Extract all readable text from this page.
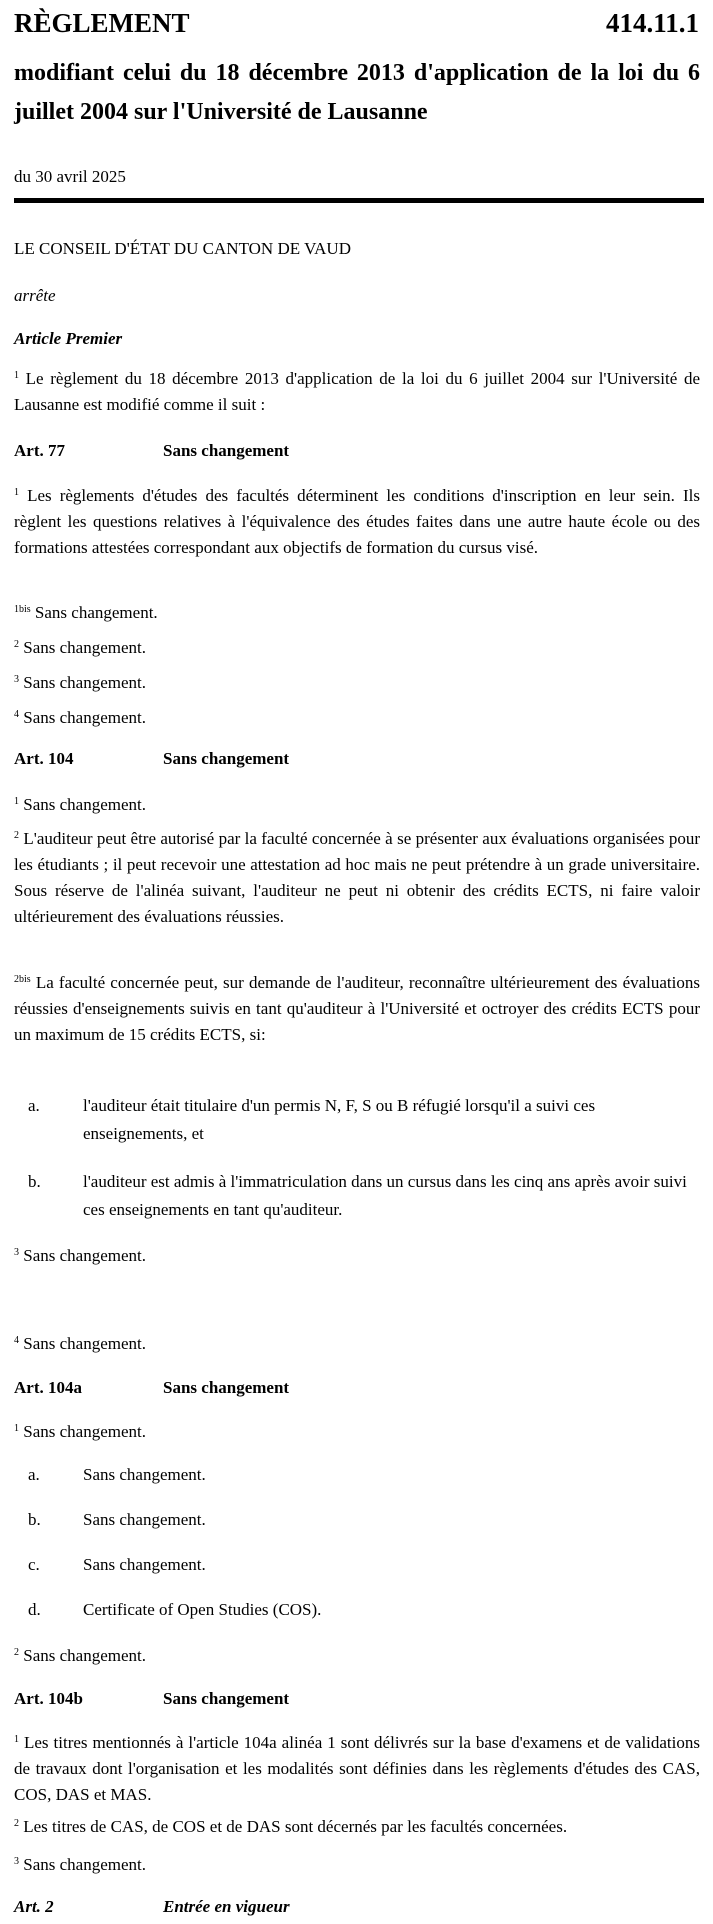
RÈGLEMENT	414.11.1
modifiant celui du 18 décembre 2013 d'application de la loi du 6 juillet 2004 sur l'Université de Lausanne
du 30 avril 2025
LE CONSEIL D'ÉTAT DU CANTON DE VAUD
arrête
Article Premier
$^1$ Le règlement du 18 décembre 2013 d'application de la loi du 6 juillet 2004 sur l'Université de Lausanne est modifié comme il suit :
Art. 77	Sans changement
$^1$ Les règlements d'études des facultés déterminent les conditions d'inscription en leur sein. Ils règlent les questions relatives à l'équivalence des études faites dans une autre haute école ou des formations attestées correspondant aux objectifs de formation du cursus visé.
$^{1bis}$ Sans changement.
$^2$ Sans changement.
$^3$ Sans changement.
$^4$ Sans changement.
Art. 104	Sans changement
$^1$ Sans changement.
$^2$ L'auditeur peut être autorisé par la faculté concernée à se présenter aux évaluations organisées pour les étudiants ; il peut recevoir une attestation ad hoc mais ne peut prétendre à un grade universitaire. Sous réserve de l'alinéa suivant, l'auditeur ne peut ni obtenir des crédits ECTS, ni faire valoir ultérieurement des évaluations réussies.
$^{2bis}$ La faculté concernée peut, sur demande de l'auditeur, reconnaître ultérieurement des évaluations réussies d'enseignements suivis en tant qu'auditeur à l'Université et octroyer des crédits ECTS pour un maximum de 15 crédits ECTS, si:
a.	l'auditeur était titulaire d'un permis N, F, S ou B réfugié lorsqu'il a suivi ces enseignements, et
b. l'auditeur est admis à l'immatriculation dans un cursus dans les cinq ans après avoir suivi ces enseignements en tant qu'auditeur.
$^3$ Sans changement.
$^4$ Sans changement.
Art. 104a	Sans changement
$^1$ Sans changement.
a.	Sans changement.
b. Sans changement.
c.	Sans changement.
d. Certificate of Open Studies (COS).
$^2$ Sans changement.
Art. 104b	Sans changement
$^1$ Les titres mentionnés à l'article 104a alinéa 1 sont délivrés sur la base d'examens et de validations de travaux dont l'organisation et les modalités sont définies dans les règlements d'études des CAS, COS, DAS et MAS.
$^2$ Les titres de CAS, de COS et de DAS sont décernés par les facultés concernées.
$^3$ Sans changement.
Art. 2	Entrée en vigueur
